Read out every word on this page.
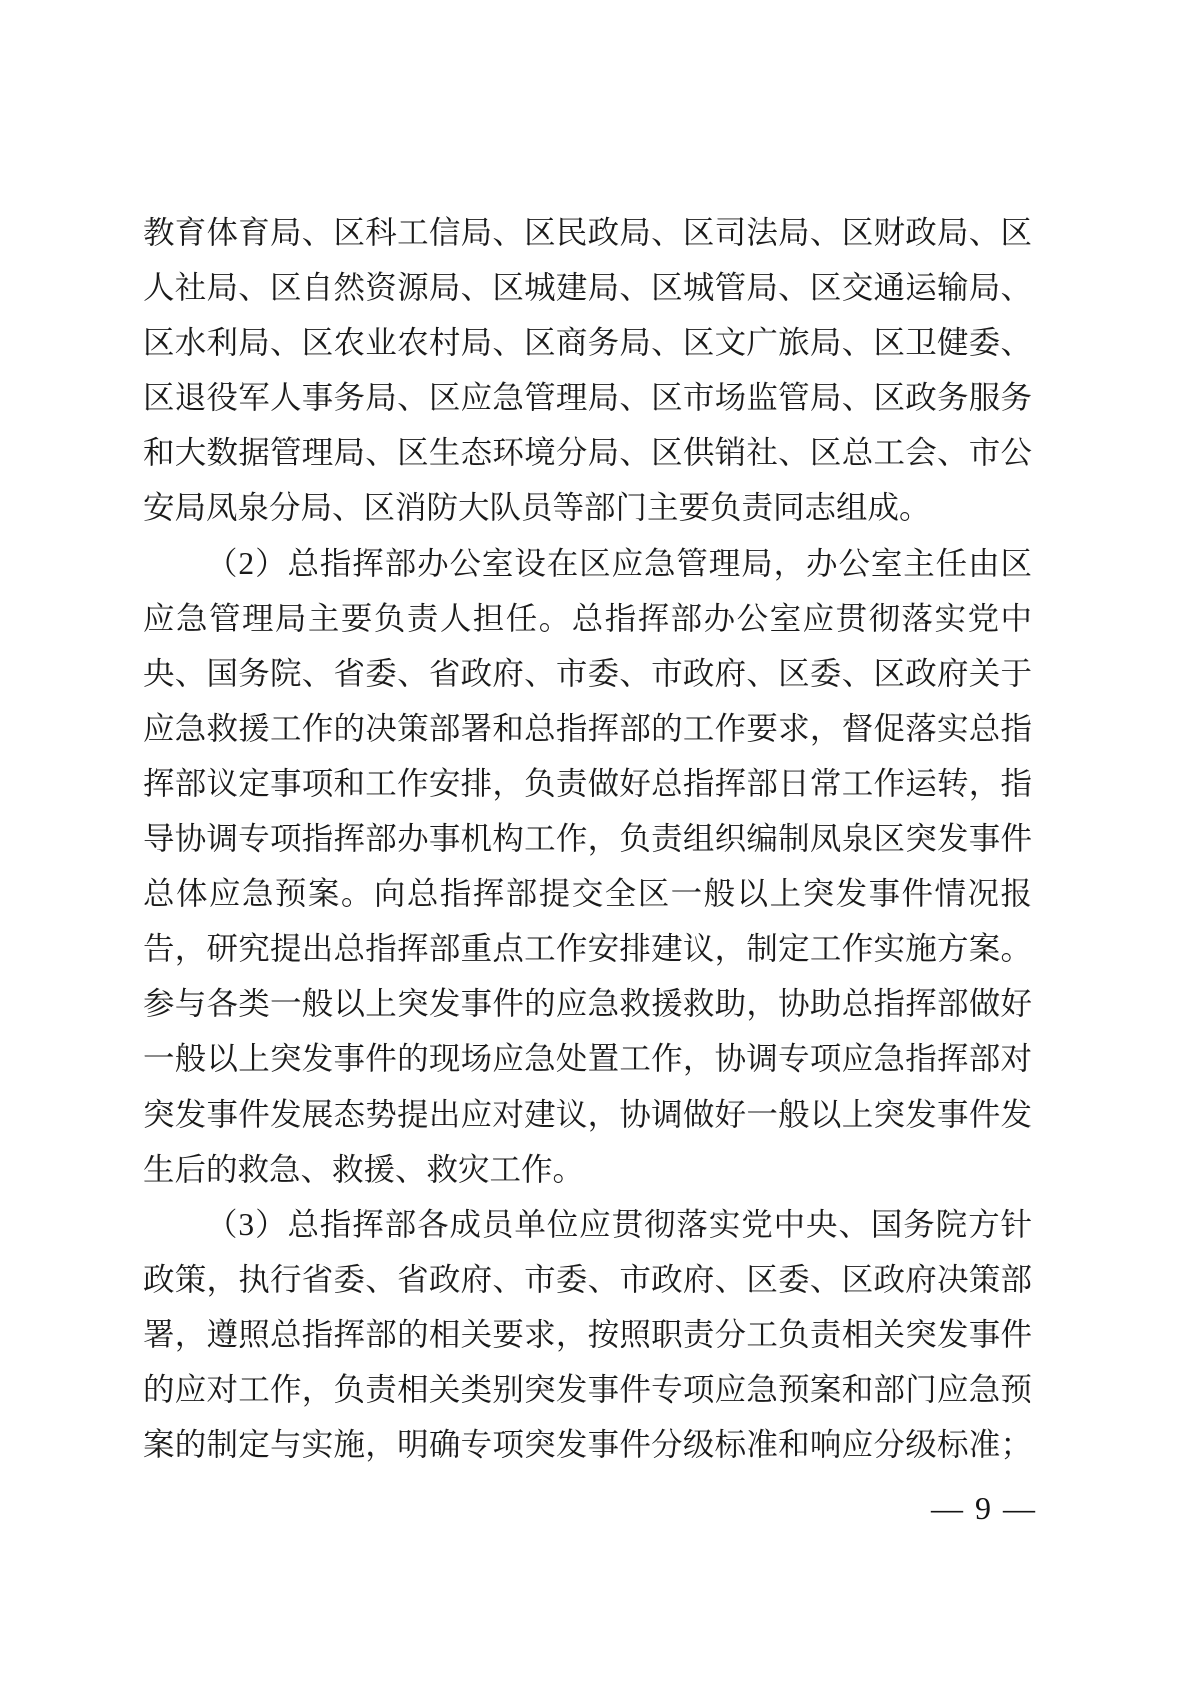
教育体育局、区科工信局、区民政局、区司法局、区财政局、区
人社局、区自然资源局、区城建局、区城管局、区交通运输局、
区水利局、区农业农村局、区商务局、区文广旅局、区卫健委、
区退役军人事务局、区应急管理局、区市场监管局、区政务服务
和大数据管理局、区生态环境分局、区供销社、区总工会、市公
安局凤泉分局、区消防大队员等部门主要负责同志组成。
（2）总指挥部办公室设在区应急管理局，办公室主任由区
应急管理局主要负责人担任。总指挥部办公室应贯彻落实党中
央、国务院、省委、省政府、市委、市政府、区委、区政府关于
应急救援工作的决策部署和总指挥部的工作要求，督促落实总指
挥部议定事项和工作安排，负责做好总指挥部日常工作运转，指
导协调专项指挥部办事机构工作，负责组织编制凤泉区突发事件
总体应急预案。向总指挥部提交全区一般以上突发事件情况报
告，研究提出总指挥部重点工作安排建议，制定工作实施方案。
参与各类一般以上突发事件的应急救援救助，协助总指挥部做好
一般以上突发事件的现场应急处置工作，协调专项应急指挥部对
突发事件发展态势提出应对建议，协调做好一般以上突发事件发
生后的救急、救援、救灾工作。
（3）总指挥部各成员单位应贯彻落实党中央、国务院方针
政策，执行省委、省政府、市委、市政府、区委、区政府决策部
署，遵照总指挥部的相关要求，按照职责分工负责相关突发事件
的应对工作，负责相关类别突发事件专项应急预案和部门应急预
案的制定与实施，明确专项突发事件分级标准和响应分级标准；
— 9 —
